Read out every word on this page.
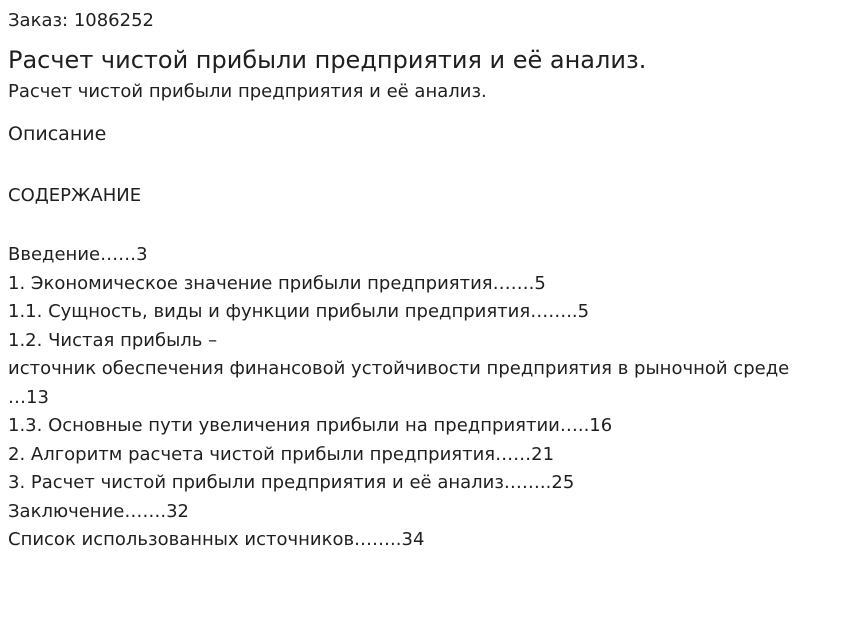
Заказ: 1086252

Расчет чистой прибыли предприятия и её анализ.

Расчет чистой прибыли предприятия и её анализ.

Описание

СОДЕРЖАНИЕ

Введение……3
1. Экономическое значение прибыли предприятия…….5
1.1. Сущность, виды и функции прибыли предприятия……..5
1.2. Чистая прибыль –
источник обеспечения финансовой устойчивости предприятия в рыночной среде
…13
1.3. Основные пути увеличения прибыли на предприятии…..16
2. Алгоритм расчета чистой прибыли предприятия……21
3. Расчет чистой прибыли предприятия и её анализ……..25
Заключение…….32
Список использованных источников……..34
